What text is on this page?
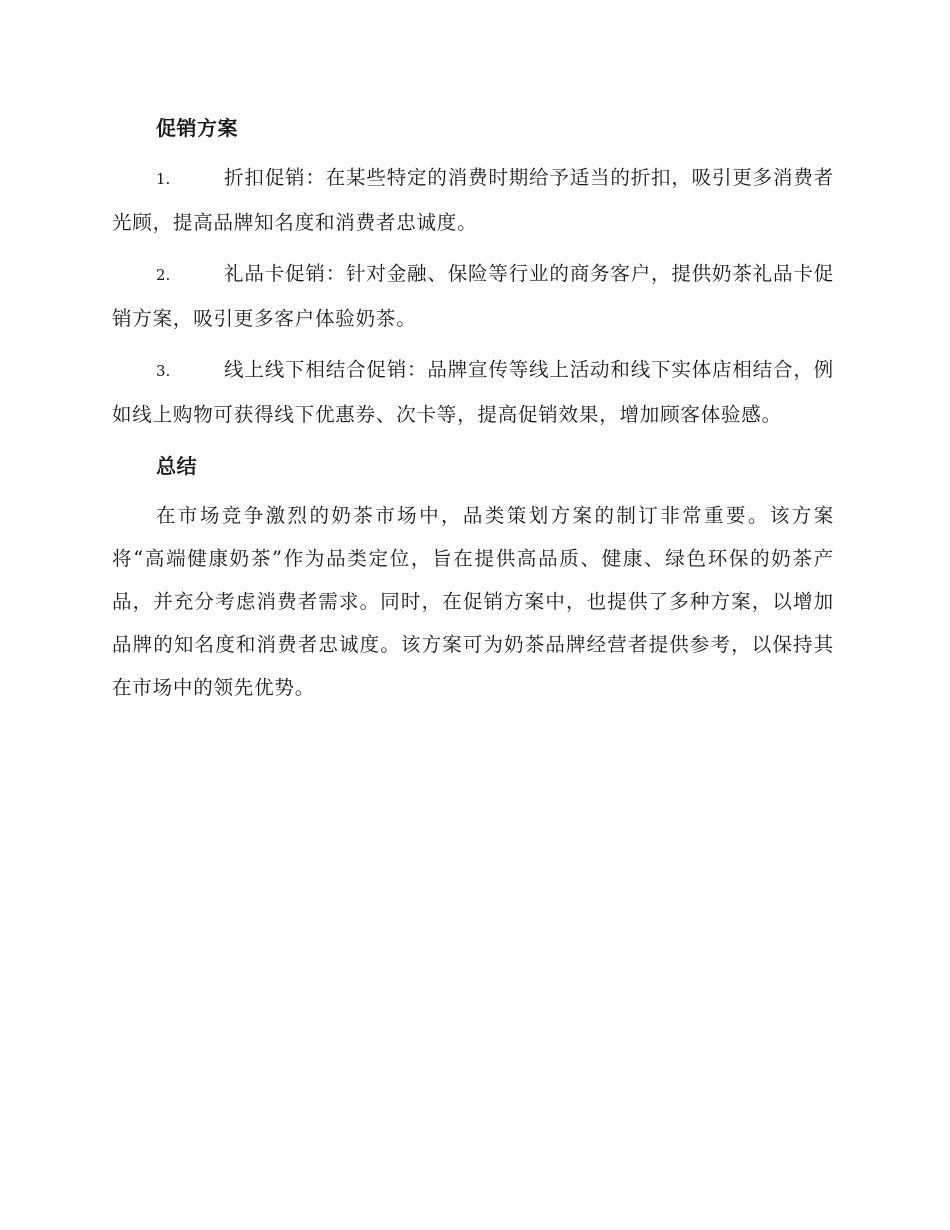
促销方案

1.	折扣促销：在某些特定的消费时期给予适当的折扣，吸引更多消费者光顾，提高品牌知名度和消费者忠诚度。

2.	礼品卡促销：针对金融、保险等行业的商务客户，提供奶茶礼品卡促销方案，吸引更多客户体验奶茶。

3.	线上线下相结合促销：品牌宣传等线上活动和线下实体店相结合，例如线上购物可获得线下优惠券、次卡等，提高促销效果，增加顾客体验感。

总结

在市场竞争激烈的奶茶市场中，品类策划方案的制订非常重要。该方案将“高端健康奶茶”作为品类定位，旨在提供高品质、健康、绿色环保的奶茶产品，并充分考虑消费者需求。同时，在促销方案中，也提供了多种方案，以增加品牌的知名度和消费者忠诚度。该方案可为奶茶品牌经营者提供参考，以保持其在市场中的领先优势。
